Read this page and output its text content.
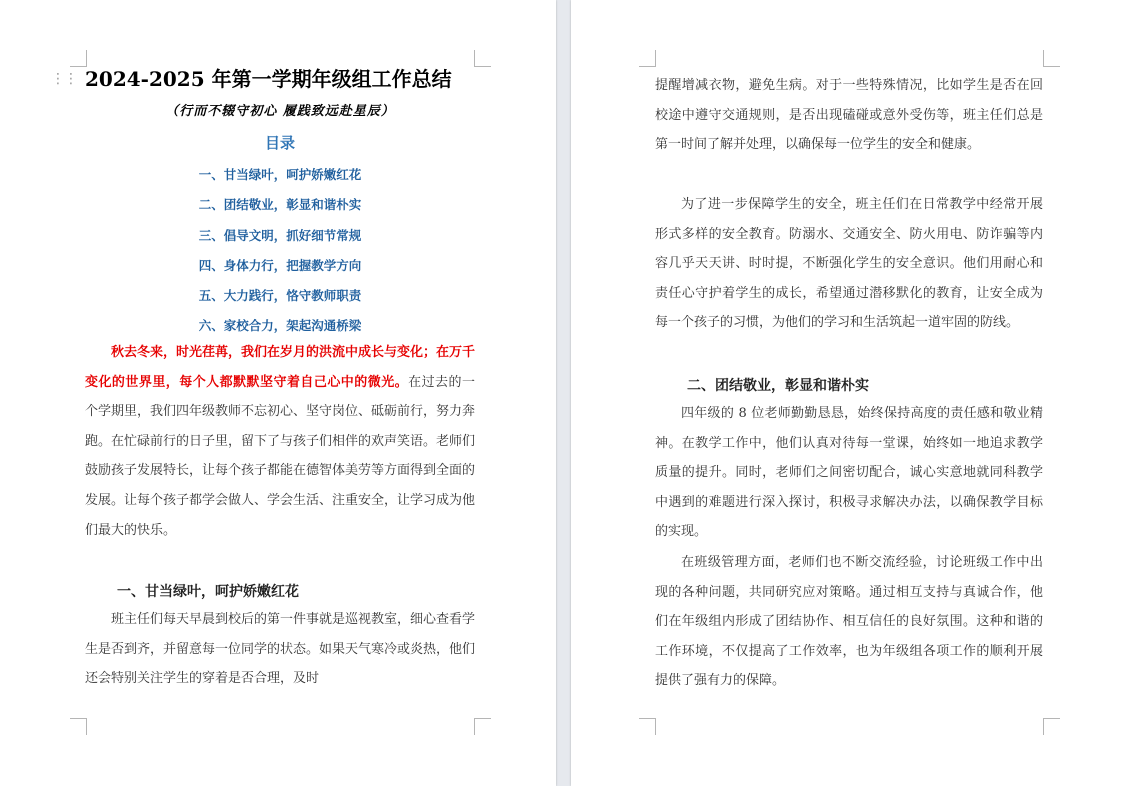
⋮⋮ 2024-2025 年第一学期年级组工作总结
（行而不辍守初心 履践致远赴星辰）
目录
一、甘当绿叶，呵护娇嫩红花
二、团结敬业，彰显和谐朴实
三、倡导文明，抓好细节常规
四、身体力行，把握教学方向
五、大力践行，恪守教师职责
六、家校合力，架起沟通桥梁

秋去冬来，时光荏苒，我们在岁月的洪流中成长与变化；在万千变化的世界里，每个人都默默坚守着自己心中的微光。在过去的一个学期里，我们四年级教师不忘初心、坚守岗位、砥砺前行，努力奔跑。在忙碌前行的日子里，留下了与孩子们相伴的欢声笑语。老师们鼓励孩子发展特长，让每个孩子都能在德智体美劳等方面得到全面的发展。让每个孩子都学会做人、学会生活、注重安全，让学习成为他们最大的快乐。

一、甘当绿叶，呵护娇嫩红花

班主任们每天早晨到校后的第一件事就是巡视教室，细心查看学生是否到齐，并留意每一位同学的状态。如果天气寒冷或炎热，他们还会特别关注学生的穿着是否合理，及时

提醒增减衣物，避免生病。对于一些特殊情况，比如学生是否在回校途中遵守交通规则，是否出现磕碰或意外受伤等，班主任们总是第一时间了解并处理，以确保每一位学生的安全和健康。

为了进一步保障学生的安全，班主任们在日常教学中经常开展形式多样的安全教育。防溺水、交通安全、防火用电、防诈骗等内容几乎天天讲、时时提，不断强化学生的安全意识。他们用耐心和责任心守护着学生的成长，希望通过潜移默化的教育，让安全成为每一个孩子的习惯，为他们的学习和生活筑起一道牢固的防线。

二、团结敬业，彰显和谐朴实

四年级的 8 位老师勤勤恳恳，始终保持高度的责任感和敬业精神。在教学工作中，他们认真对待每一堂课，始终如一地追求教学质量的提升。同时，老师们之间密切配合，诚心实意地就同科教学中遇到的难题进行深入探讨，积极寻求解决办法，以确保教学目标的实现。

在班级管理方面，老师们也不断交流经验，讨论班级工作中出现的各种问题，共同研究应对策略。通过相互支持与真诚合作，他们在年级组内形成了团结协作、相互信任的良好氛围。这种和谐的工作环境，不仅提高了工作效率，也为年级组各项工作的顺利开展提供了强有力的保障。
